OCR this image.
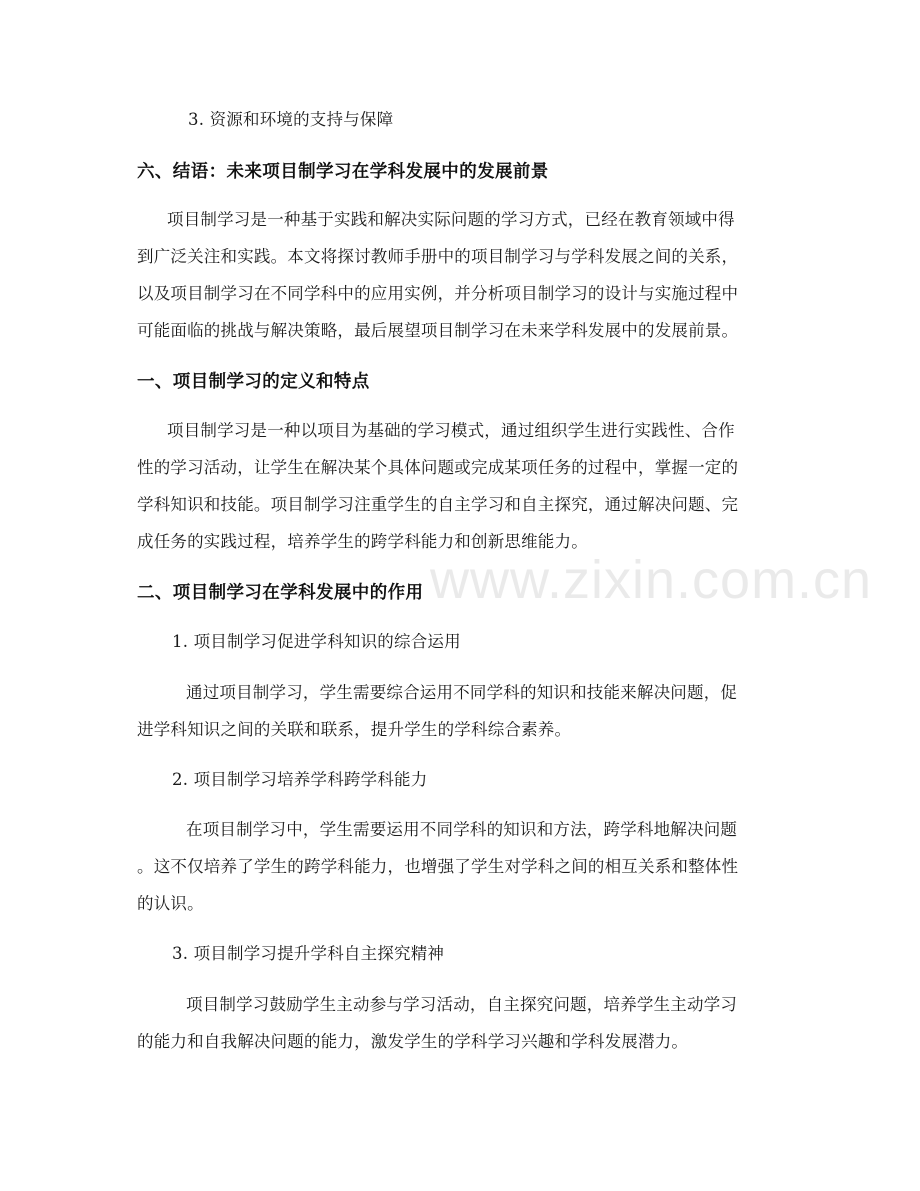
www.zixin.com.cn
3. 资源和环境的支持与保障
六、结语：未来项目制学习在学科发展中的发展前景
项目制学习是一种基于实践和解决实际问题的学习方式，已经在教育领域中得
到广泛关注和实践。本文将探讨教师手册中的项目制学习与学科发展之间的关系，
以及项目制学习在不同学科中的应用实例，并分析项目制学习的设计与实施过程中
可能面临的挑战与解决策略，最后展望项目制学习在未来学科发展中的发展前景。
一、项目制学习的定义和特点
项目制学习是一种以项目为基础的学习模式，通过组织学生进行实践性、合作
性的学习活动，让学生在解决某个具体问题或完成某项任务的过程中，掌握一定的
学科知识和技能。项目制学习注重学生的自主学习和自主探究，通过解决问题、完
成任务的实践过程，培养学生的跨学科能力和创新思维能力。
二、项目制学习在学科发展中的作用
1. 项目制学习促进学科知识的综合运用
通过项目制学习，学生需要综合运用不同学科的知识和技能来解决问题，促
进学科知识之间的关联和联系，提升学生的学科综合素养。
2. 项目制学习培养学科跨学科能力
在项目制学习中，学生需要运用不同学科的知识和方法，跨学科地解决问题
。这不仅培养了学生的跨学科能力，也增强了学生对学科之间的相互关系和整体性
的认识。
3. 项目制学习提升学科自主探究精神
项目制学习鼓励学生主动参与学习活动，自主探究问题，培养学生主动学习
的能力和自我解决问题的能力，激发学生的学科学习兴趣和学科发展潜力。
